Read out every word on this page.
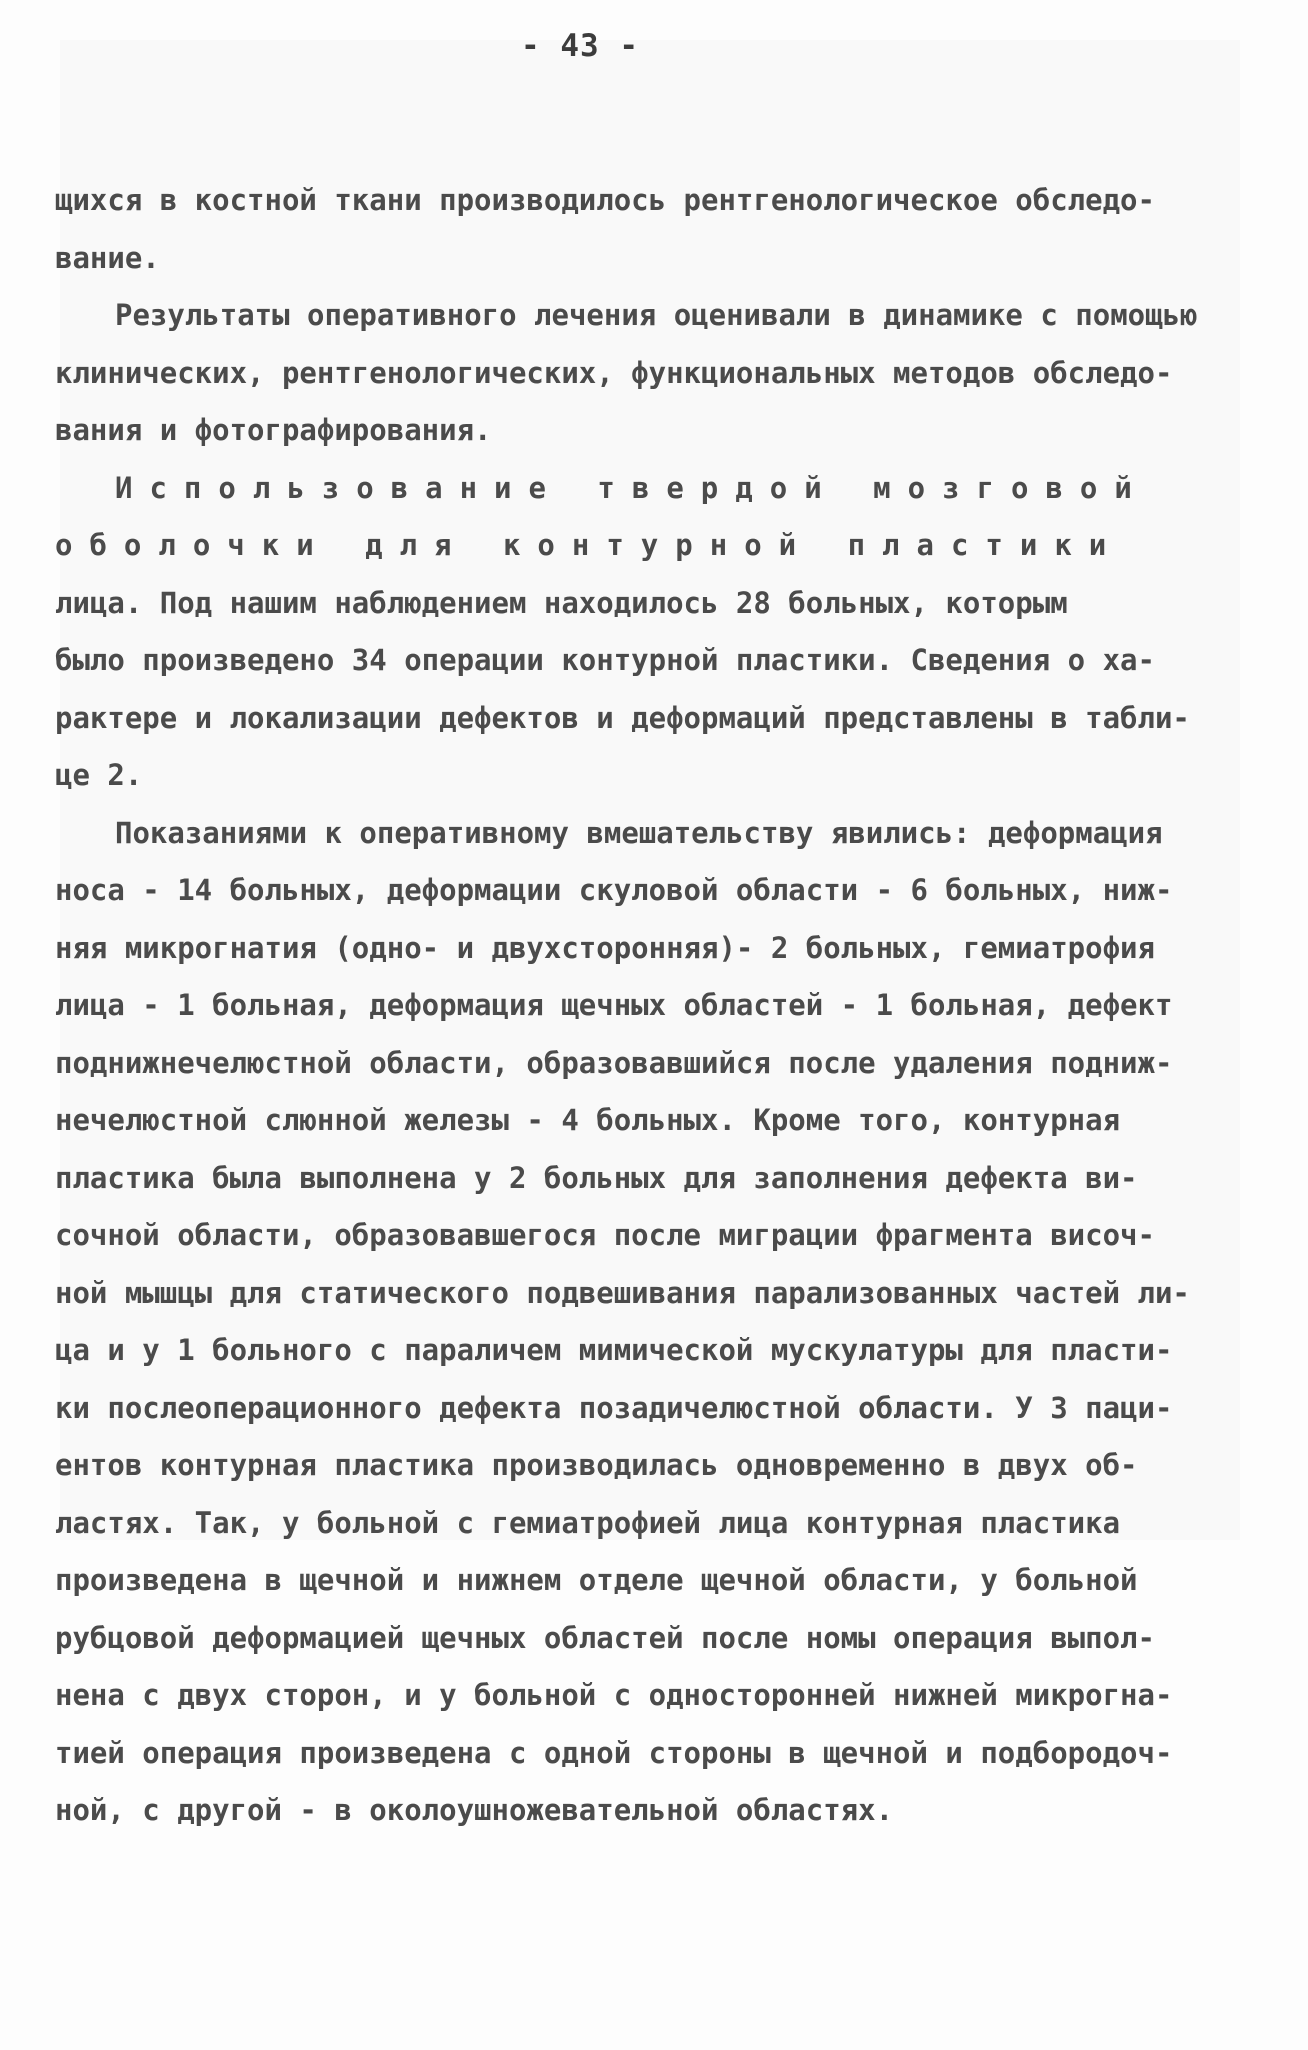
- 43 -
щихся в костной ткани производилось рентгенологическое обследо-
вание.
Результаты оперативного лечения оценивали в динамике с помощью
клинических, рентгенологических, функциональных методов обследо-
вания и фотографирования.
Использование твердой мозговой
оболочки для контурной пластики
лица. Под нашим наблюдением находилось 28 больных, которым
было произведено 34 операции контурной пластики. Сведения о ха-
рактере и локализации дефектов и деформаций представлены в табли-
це 2.
Показаниями к оперативному вмешательству явились: деформация
носа - 14 больных, деформации скуловой области - 6 больных, ниж-
няя микрогнатия (одно- и двухсторонняя)- 2 больных, гемиатрофия
лица - 1 больная, деформация щечных областей - 1 больная, дефект
поднижнечелюстной области, образовавшийся после удаления подниж-
нечелюстной слюнной железы - 4 больных. Кроме того, контурная
пластика была выполнена у 2 больных для заполнения дефекта ви-
сочной области, образовавшегося после миграции фрагмента височ-
ной мышцы для статического подвешивания парализованных частей ли-
ца и у 1 больного с параличем мимической мускулатуры для пласти-
ки послеоперационного дефекта позадичелюстной области. У 3 паци-
ентов контурная пластика производилась одновременно в двух об-
ластях. Так, у больной с гемиатрофией лица контурная пластика
произведена в щечной и нижнем отделе щечной области, у больной
рубцовой деформацией щечных областей после номы операция выпол-
нена с двух сторон, и у больной с односторонней нижней микрогна-
тией операция произведена с одной стороны в щечной и подбородоч-
ной, с другой - в околоушножевательной областях.
